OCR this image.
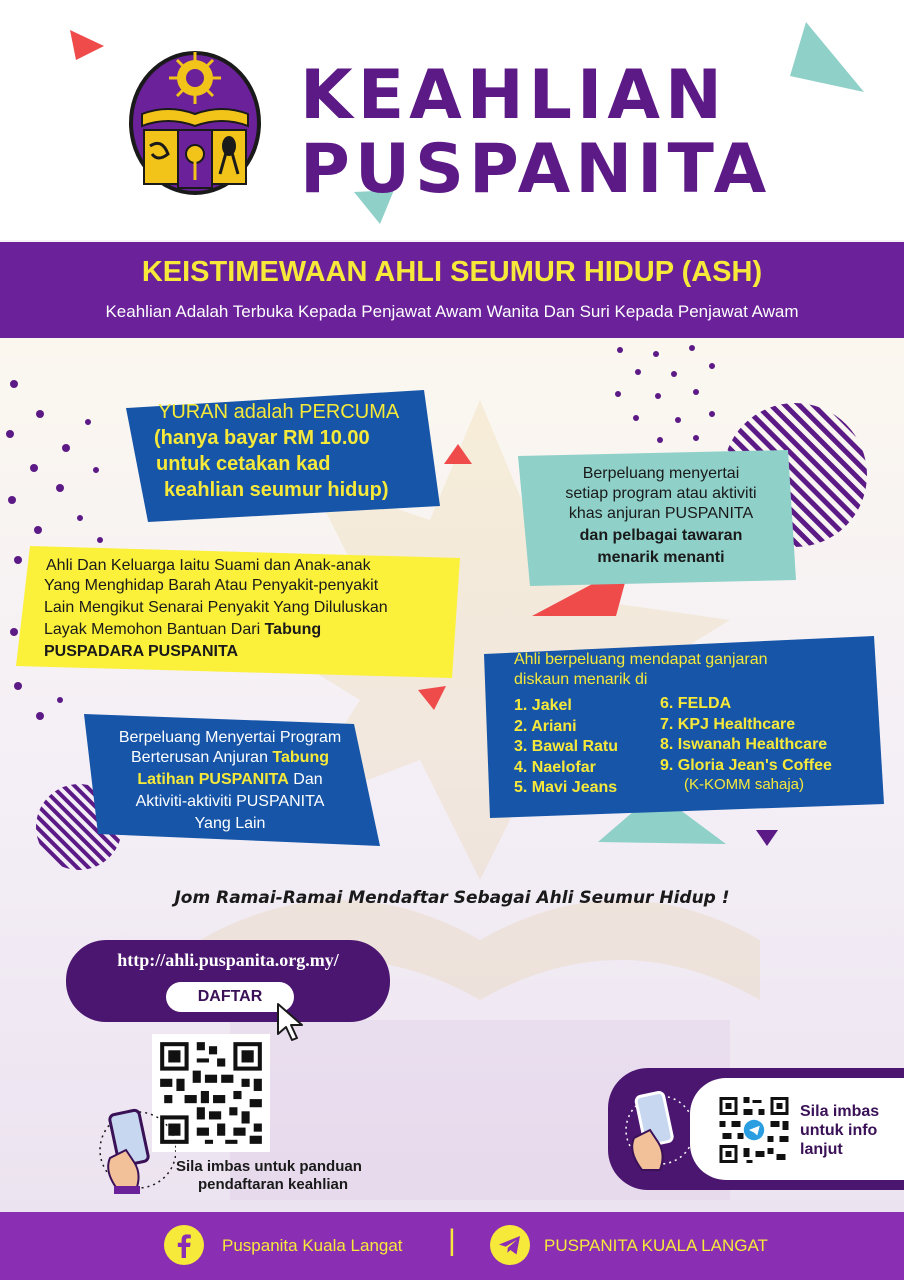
KEAHLIAN
PUSPANITA
KEISTIMEWAAN AHLI SEUMUR HIDUP (ASH)
Keahlian Adalah Terbuka Kepada Penjawat Awam Wanita Dan Suri Kepada Penjawat Awam
YURAN adalah PERCUMA
(hanya bayar RM 10.00
untuk cetakan kad
keahlian seumur hidup)
Berpeluang menyertai
setiap program atau aktiviti
khas anjuran PUSPANITA
dan pelbagai tawaran
menarik menanti
Ahli Dan Keluarga Iaitu Suami dan Anak-anak
Yang Menghidap Barah Atau Penyakit-penyakit
Lain Mengikut Senarai Penyakit Yang Diluluskan
Layak Memohon Bantuan Dari Tabung
PUSPADARA PUSPANITA	Ahli berpeluang mendapat ganjaran
diskaun menarik di
1. Jakel
2. Ariani
3. Bawal Ratu
4. Naelofar
5. Mavi Jeans
6. FELDA
7. KPJ Healthcare
8. Iswanah Healthcare
9. Gloria Jean's Coffee
(K-KOMM sahaja)
Berpeluang Menyertai Program
Berterusan Anjuran Tabung
Latihan PUSPANITA Dan
Aktiviti-aktiviti PUSPANITA
Yang Lain
Jom Ramai-Ramai Mendaftar Sebagai Ahli Seumur Hidup !
http://ahli.puspanita.org.my/
DAFTAR
Sila imbas untuk panduan
pendaftaran keahlian
Sila imbas
untuk info
lanjut
Puspanita Kuala Langat |	PUSPANITA KUALA LANGAT
